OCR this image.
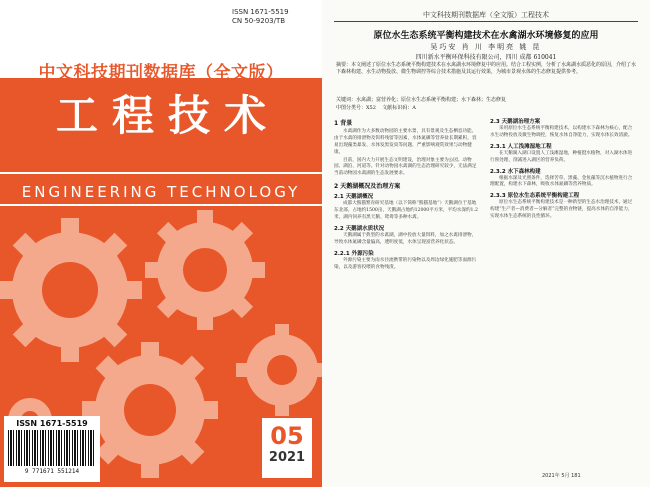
ISSN 1671-5519
CN 50-9203/TB
中文科技期刊数据库（全文版）
工程技术
ENGINEERING TECHNOLOGY
ISSN 1671-5519
9 771671 551214
05
2021
中文科技期刊数据库（全文版）工程技术
原位水生态系统平衡构建技术在水禽湖水环境修复的应用
吴巧安 肖 川 李明亮 姚 昆
四川新水平衡环保科技有限公司，四川 成都 610041
摘要：本文阐述了原位水生态系统平衡构建技术在水禽湖水环境修复中的应用。结合工程实例，分析了水禽湖水质恶化的原因，介绍了水下森林构建、水生动物投放、微生物调控等综合技术措施及其运行效果，为城市景观水体的生态修复提供参考。
关键词：水禽湖；富营养化；原位水生态系统平衡构建；水下森林；生态修复
中图分类号：X52 文献标识码：A
1 背景

水禽湖作为大多数动物园的主要水景，具有景观及生态栖息功能。由于水禽的排泄物及饵料残留等因素，水体氮磷等营养盐长期累积，容易出现藻类暴发、水体发黑发臭等问题，严重影响观赏效果与动物健康。

目前，国内大力开展生态文明建设，治理对象主要为公园、动物园、湖泊、河道等。针对动物园水禽湖的生态治理研究较少，无法满足当前动物园水禽湖的生态发展要求。

2 天鹅湖概况及治理方案
2.1 天鹅湖概况

成都大熊猫繁育研究基地（以下简称“熊猫基地”）天鹅湖位于基地东北部，占地约1500亩，天鹅湖占地约12000平方米，平均水深约1.2米，湖内饲养有黑天鹅、鸳鸯等多种水禽。

2.2 天鹅湖水质状况

天鹅湖属于典型的水禽湖，湖中投放大量饵料，加之水禽排泄物，导致水体氮磷含量偏高，透明度低，水体呈现富营养化状态。

2.2.1 外源污染

外源污染主要为雨水径流携带的污染物以及周边绿化施肥等面源污染，以及游客投喂的食物残渣。

2.3 天鹅湖治理方案

采用原位水生态系统平衡构建技术，以构建水下森林为核心，配合水生动物投放及微生物调控，恢复水体自净能力，实现水体长效清澈。

2.3.1 人工浅滩湿地工程

在天鹅湖入湖口设置人工浅滩湿地，种植挺水植物，对入湖水体进行预处理，削减进入湖区的营养负荷。

2.3.2 水下森林构建

根据水深及光照条件，选择苦草、黑藻、金鱼藻等沉水植物进行合理配置，构建水下森林，吸收水体氮磷等营养物质。

2.3.3 原位水生态系统平衡构建工程

原位水生态系统平衡构建技术是一种新型的生态水治理技术，通过构建“生产者—消费者—分解者”完整的食物链，提高水体的自净能力，实现水体生态系统的良性循环。

2021年 5月 181
